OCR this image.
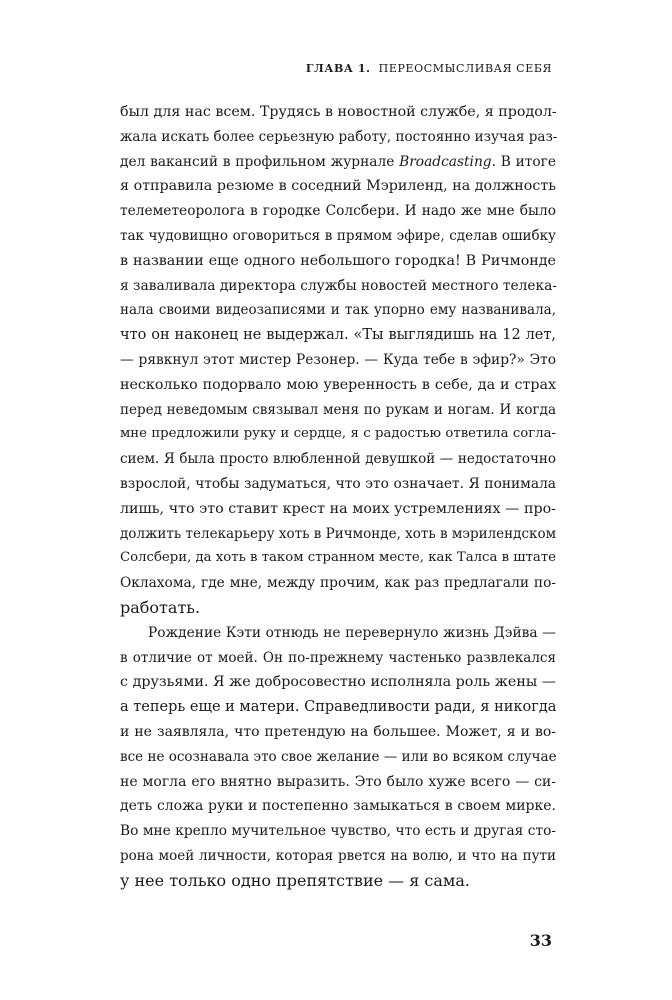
ГЛАВА 1. ПЕРЕОСМЫСЛИВАЯ СЕБЯ
был для нас всем. Трудясь в новостной службе, я продол-
жала искать более серьезную работу, постоянно изучая раз-
дел вакансий в профильном журнале Broadcasting. В итоге
я отправила резюме в соседний Мэриленд, на должность
телеметеоролога в городке Солсбери. И надо же мне было
так чудовищно оговориться в прямом эфире, сделав ошибку
в названии еще одного небольшого городка! В Ричмонде
я заваливала директора службы новостей местного телека-
нала своими видеозаписями и так упорно ему названивала,
что он наконец не выдержал. «Ты выглядишь на 12 лет,
— рявкнул этот мистер Резонер. — Куда тебе в эфир?» Это
несколько подорвало мою уверенность в себе, да и страх
перед неведомым связывал меня по рукам и ногам. И когда
мне предложили руку и сердце, я с радостью ответила согла-
сием. Я была просто влюбленной девушкой — недостаточно
взрослой, чтобы задуматься, что это означает. Я понимала
лишь, что это ставит крест на моих устремлениях — про-
должить телекарьеру хоть в Ричмонде, хоть в мэрилендском
Солсбери, да хоть в таком странном месте, как Талса в штате
Оклахома, где мне, между прочим, как раз предлагали по-
работать.
Рождение Кэти отнюдь не перевернуло жизнь Дэйва —
в отличие от моей. Он по-прежнему частенько развлекался
с друзьями. Я же добросовестно исполняла роль жены —
а теперь еще и матери. Справедливости ради, я никогда
и не заявляла, что претендую на большее. Может, я и во-
все не осознавала это свое желание — или во всяком случае
не могла его внятно выразить. Это было хуже всего — си-
деть сложа руки и постепенно замыкаться в своем мирке.
Во мне крепло мучительное чувство, что есть и другая сто-
рона моей личности, которая рвется на волю, и что на пути
у нее только одно препятствие — я сама.
33
